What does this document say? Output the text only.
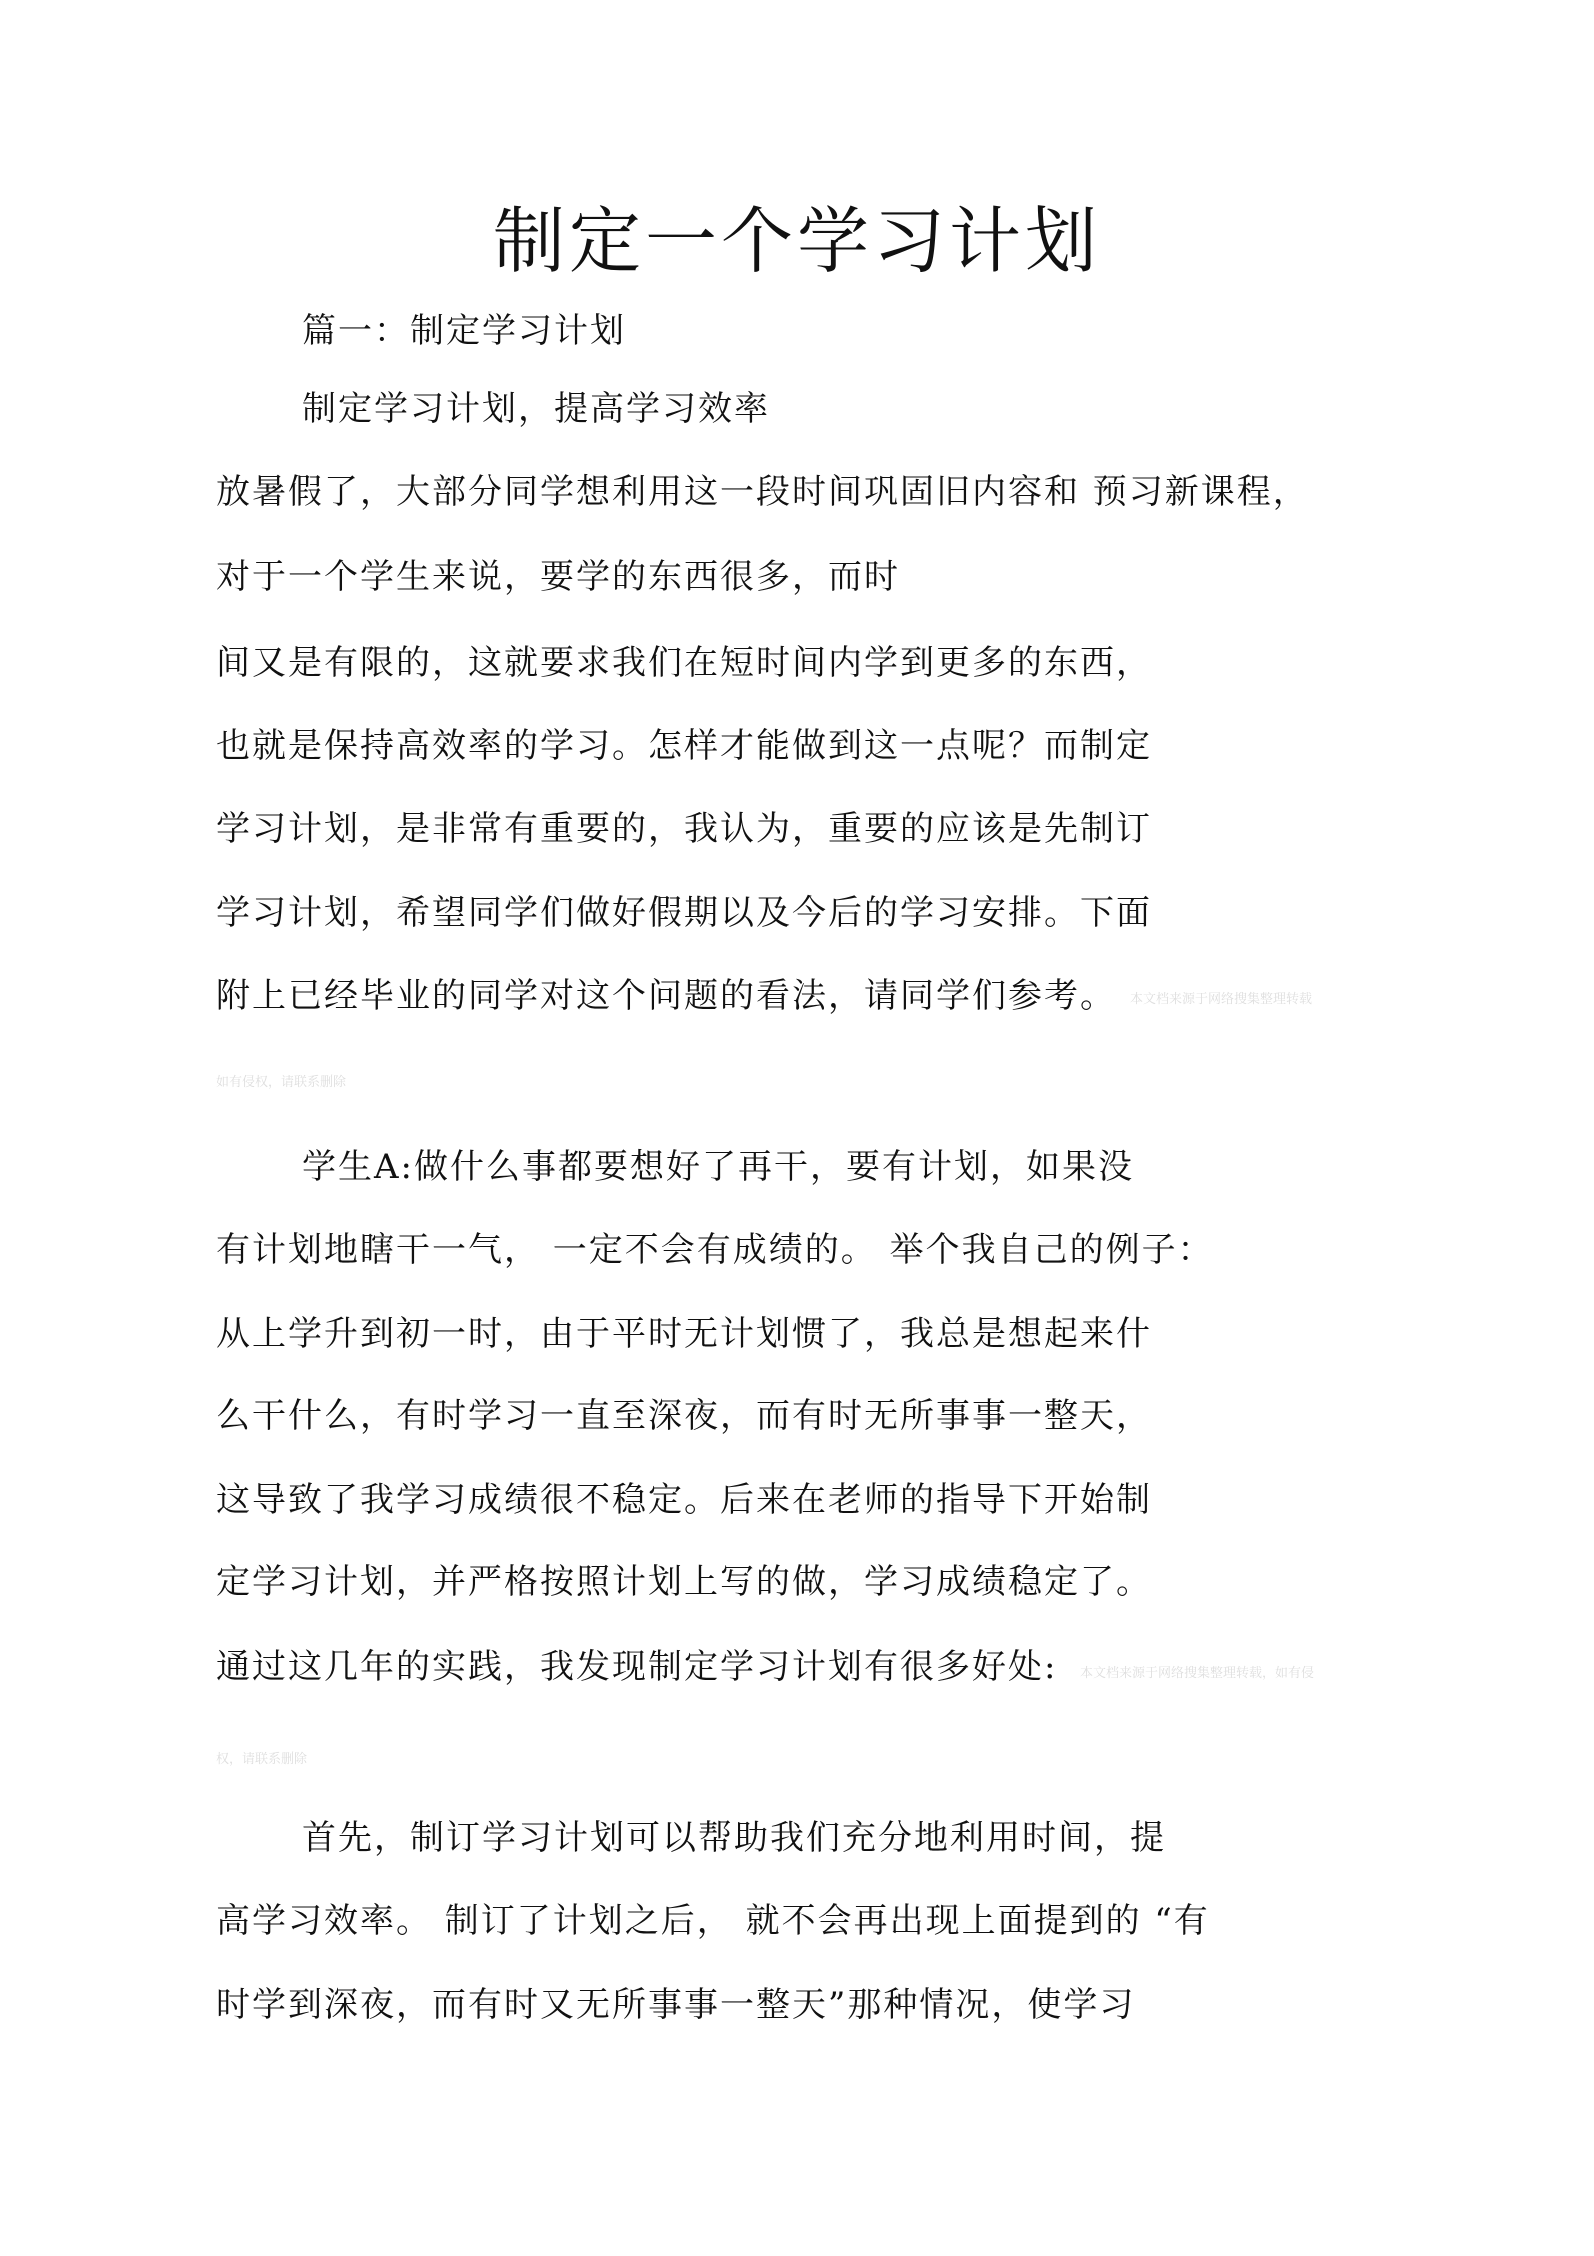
制定一个学习计划

篇一：制定学习计划

制定学习计划，提高学习效率

放暑假了，大部分同学想利用这一段时间巩固旧内容和 预习新课程，

对于一个学生来说，要学的东西很多，而时

间又是有限的，这就要求我们在短时间内学到更多的东西，

也就是保持高效率的学习。怎样才能做到这一点呢？而制定

学习计划，是非常有重要的，我认为，重要的应该是先制订

学习计划，希望同学们做好假期以及今后的学习安排。下面

附上已经毕业的同学对这个问题的看法，请同学们参考。 本文档来源于网络搜集整理转载
如有侵权，请联系删除

学生A:做什么事都要想好了再干，要有计划，如果没

有计划地瞎干一气， 一定不会有成绩的。 举个我自己的例子：

从上学升到初一时，由于平时无计划惯了，我总是想起来什

么干什么，有时学习一直至深夜，而有时无所事事一整天，

这导致了我学习成绩很不稳定。后来在老师的指导下开始制

定学习计划，并严格按照计划上写的做，学习成绩稳定了。

通过这几年的实践，我发现制定学习计划有很多好处: 本文档来源于网络搜集整理转载，如有侵
权，请联系删除

首先，制订学习计划可以帮助我们充分地利用时间，提

高学习效率。 制订了计划之后， 就不会再出现上面提到的 “有

时学到深夜，而有时又无所事事一整天”那种情况，使学习
